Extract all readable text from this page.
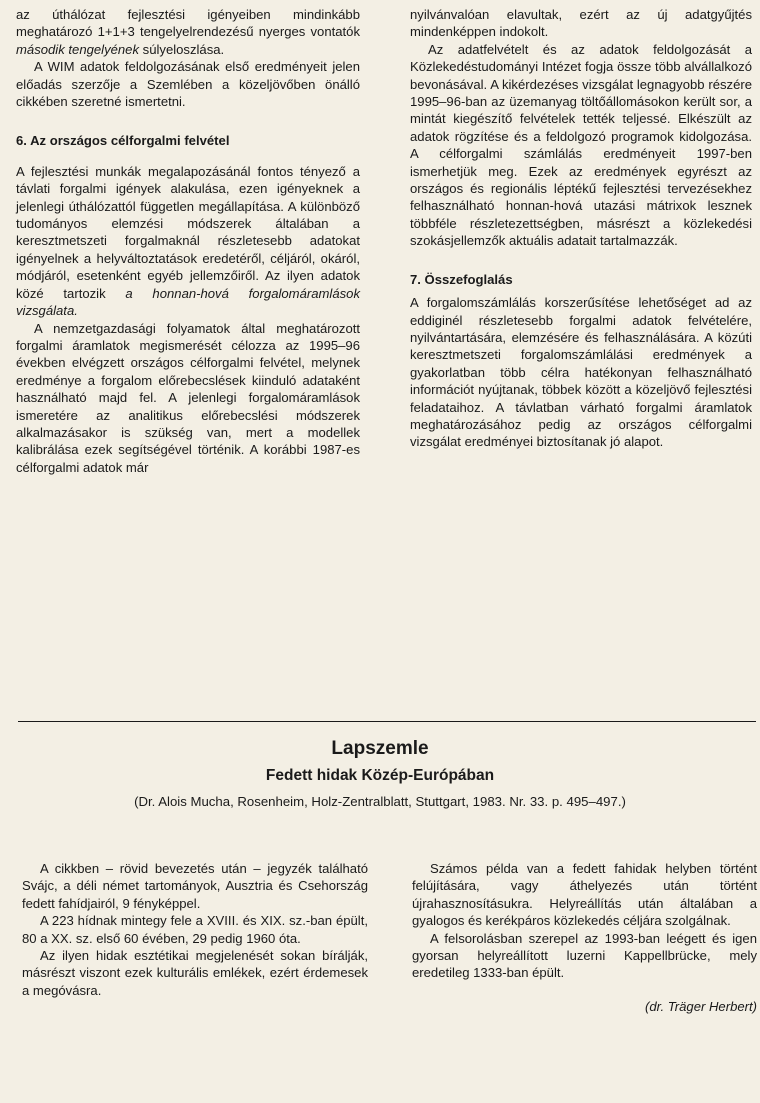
az úthálózat fejlesztési igényeiben mindinkább meghatározó 1+1+3 tengelyelrendezésű nyerges vontatók második tengelyének súlyeloszlása.

A WIM adatok feldolgozásának első eredményeit jelen előadás szerzője a Szemlében a közeljövőben önálló cikkében szeretné ismertetni.

6. Az országos célforgalmi felvétel

A fejlesztési munkák megalapozásánál fontos tényező a távlati forgalmi igények alakulása, ezen igényeknek a jelenlegi úthálózattól független megállapítása. A különböző tudományos elemzési módszerek általában a keresztmetszeti forgalmaknál részletesebb adatokat igényelnek a helyváltoztatások eredetéről, céljáról, okáról, módjáról, esetenként egyéb jellemzőiről. Az ilyen adatok közé tartozik a honnan-hová forgalomáramlások vizsgálata.

A nemzetgazdasági folyamatok által meghatározott forgalmi áramlatok megismerését célozza az 1995–96 években elvégzett országos célforgalmi felvétel, melynek eredménye a forgalom előrebecslések kiinduló adataként használható majd fel. A jelenlegi forgalomáramlások ismeretére az analitikus előrebecslési módszerek alkalmazásakor is szükség van, mert a modellek kalibrálása ezek segítségével történik. A korábbi 1987-es célforgalmi adatok már

nyilvánvalóan elavultak, ezért az új adatgyűjtés mindenképpen indokolt.

Az adatfelvételt és az adatok feldolgozását a Közlekedéstudományi Intézet fogja össze több alvállalkozó bevonásával. A kikérdezéses vizsgálat legnagyobb részére 1995–96-ban az üzemanyag töltőállomásokon került sor, a mintát kiegészítő felvételek tették teljessé. Elkészült az adatok rögzítése és a feldolgozó programok kidolgozása. A célforgalmi számlálás eredményeit 1997-ben ismerhetjük meg. Ezek az eredmények egyrészt az országos és regionális léptékű fejlesztési tervezésekhez felhasználható honnan-hová utazási mátrixok lesznek többféle részletezettségben, másrészt a közlekedési szokásjellemzők aktuális adatait tartalmazzák.

7. Összefoglalás

A forgalomszámlálás korszerűsítése lehetőséget ad az eddiginél részletesebb forgalmi adatok felvételére, nyilvántartására, elemzésére és felhasználására. A közúti keresztmetszeti forgalomszámlálási eredmények a gyakorlatban több célra hatékonyan felhasználható információt nyújtanak, többek között a közeljövő fejlesztési feladataihoz. A távlatban várható forgalmi áramlatok meghatározásához pedig az országos célforgalmi vizsgálat eredményei biztosítanak jó alapot.

Lapszemle
Fedett hidak Közép-Európában
(Dr. Alois Mucha, Rosenheim, Holz-Zentralblatt, Stuttgart, 1983. Nr. 33. p. 495–497.)

A cikkben – rövid bevezetés után – jegyzék található Svájc, a déli német tartományok, Ausztria és Csehország fedett fahídjairól, 9 fényképpel.

A 223 hídnak mintegy fele a XVIII. és XIX. sz.-ban épült, 80 a XX. sz. első 60 évében, 29 pedig 1960 óta.

Az ilyen hidak esztétikai megjelenését sokan bírálják, másrészt viszont ezek kulturális emlékek, ezért érdemesek a megóvásra.

Számos példa van a fedett fahidak helyben történt felújítására, vagy áthelyezés után történt újrahasznosításukra. Helyreállítás után általában a gyalogos és kerékpáros közlekedés céljára szolgálnak.

A felsorolásban szerepel az 1993-ban leégett és igen gyorsan helyreállított luzerni Kappellbrücke, mely eredetileg 1333-ban épült.

(dr. Träger Herbert)
